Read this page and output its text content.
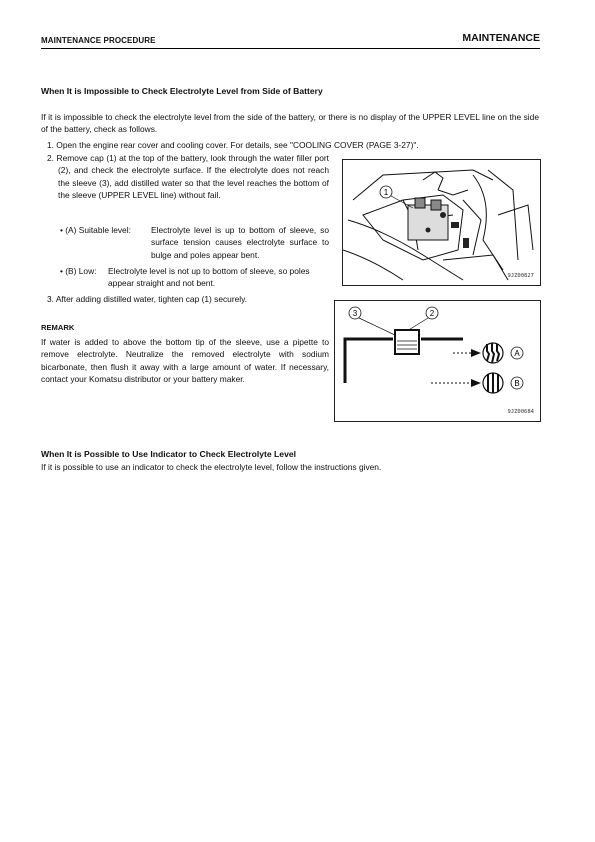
MAINTENANCE PROCEDURE	MAINTENANCE
When It is Impossible to Check Electrolyte Level from Side of Battery
If it is impossible to check the electrolyte level from the side of the battery, or there is no display of the UPPER LEVEL line on the side of the battery, check as follows.
1. Open the engine rear cover and cooling cover. For details, see "COOLING COVER (PAGE 3-27)".
2. Remove cap (1) at the top of the battery, look through the water filler port (2), and check the electrolyte surface. If the electrolyte does not reach the sleeve (3), add distilled water so that the level reaches the bottom of the sleeve (UPPER LEVEL line) without fail.
• (A) Suitable level:	Electrolyte level is up to bottom of sleeve, so surface tension causes electrolyte surface to bulge and poles appear bent.
• (B) Low:	Electrolyte level is not up to bottom of sleeve, so poles appear straight and not bent.
3. After adding distilled water, tighten cap (1) securely.
REMARK
If water is added to above the bottom tip of the sleeve, use a pipette to remove electrolyte. Neutralize the removed electrolyte with sodium bicarbonate, then flush it away with a large amount of water. If necessary, contact your Komatsu distributor or your battery maker.
1
9JZ00827
3	2
A
B
9JZ00684
When It is Possible to Use Indicator to Check Electrolyte Level
If it is possible to use an indicator to check the electrolyte level, follow the instructions given.
